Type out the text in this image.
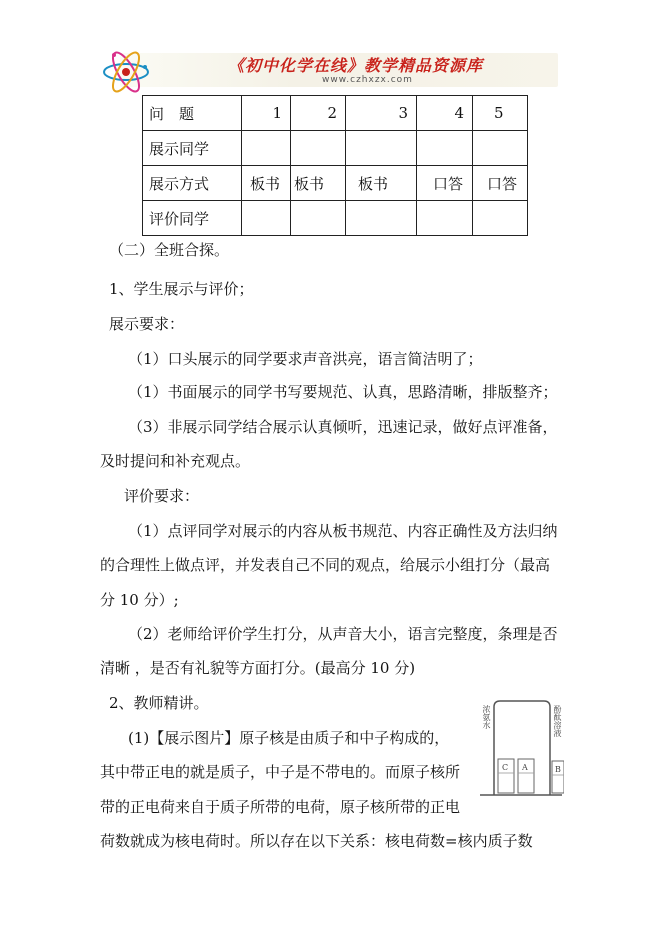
《初中化学在线》教学精品资源库
www.czhxzx.com
问　题	1	2	3	4	5
展示同学					
展示方式	板书	板书	板书	口答	口答
评价同学					
（二）全班合探。
1、学生展示与评价；
展示要求：
（1）口头展示的同学要求声音洪亮，语言简洁明了；
（1）书面展示的同学书写要规范、认真，思路清晰，排版整齐；
（3）非展示同学结合展示认真倾听，迅速记录，做好点评准备，
及时提问和补充观点。
评价要求：
（1）点评同学对展示的内容从板书规范、内容正确性及方法归纳
的合理性上做点评，并发表自己不同的观点，给展示小组打分（最高
分 10 分）;
（2）老师给评价学生打分，从声音大小，语言完整度，条理是否
清晰 ，是否有礼貌等方面打分。(最高分 10 分)
2、教师精讲。
(1)【展示图片】原子核是由质子和中子构成的，
其中带正电的就是质子，中子是不带电的。而原子核所
带的正电荷来自于质子所带的电荷，原子核所带的正电
荷数就成为核电荷时。所以存在以下关系：核电荷数=核内质子数
浓氨水	酚酞溶液
C A	B
